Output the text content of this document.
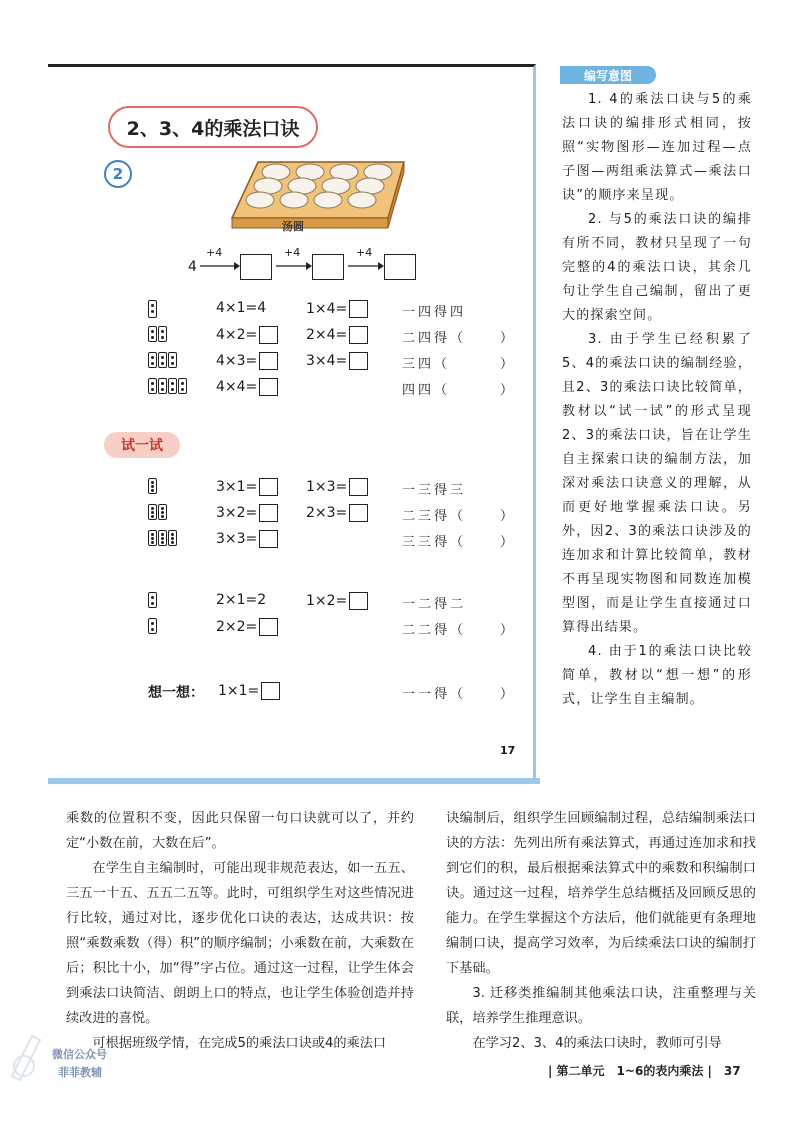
2、3、4的乘法口诀
2
汤圆
4
+4	+4	+4
4×1=4	1×4=	一四得四
4×2=	2×4=	二四得（	）
4×3=	3×4=	三四（	）
4×4=	四四（	）
试一试
3×1=	1×3=	一三得三
3×2=	2×3=	二三得（	）
3×3=	三三得（	）
2×1=2	1×2=	一二得二
2×2=	二二得（	）
想一想： 1×1=	一一得（	）
17
编写意图

1. 4的乘法口诀与5的乘法口诀的编排形式相同，按照“实物图形—连加过程—点子图—两组乘法算式—乘法口诀”的顺序来呈现。

2. 与5的乘法口诀的编排有所不同，教材只呈现了一句完整的4的乘法口诀，其余几句让学生自己编制，留出了更大的探索空间。

3. 由于学生已经积累了5、4的乘法口诀的编制经验，且2、3的乘法口诀比较简单，教材以“试一试”的形式呈现2、3的乘法口诀，旨在让学生自主探索口诀的编制方法，加深对乘法口诀意义的理解，从而更好地掌握乘法口诀。另外，因2、3的乘法口诀涉及的连加求和计算比较简单，教材不再呈现实物图和同数连加模型图，而是让学生直接通过口算得出结果。

4. 由于1的乘法口诀比较简单，教材以“想一想”的形式，让学生自主编制。

乘数的位置积不变，因此只保留一句口诀就可以了，并约定“小数在前，大数在后”。

在学生自主编制时，可能出现非规范表达，如一五五、三五一十五、五五二五等。此时，可组织学生对这些情况进行比较，通过对比，逐步优化口诀的表达，达成共识：按照“乘数乘数（得）积”的顺序编制；小乘数在前，大乘数在后；积比十小，加“得”字占位。通过这一过程，让学生体会到乘法口诀简洁、朗朗上口的特点，也让学生体验创造并持续改进的喜悦。

可根据班级学情，在完成5的乘法口诀或4的乘法口

诀编制后，组织学生回顾编制过程，总结编制乘法口诀的方法：先列出所有乘法算式，再通过连加求和找到它们的积，最后根据乘法算式中的乘数和积编制口诀。通过这一过程，培养学生总结概括及回顾反思的能力。在学生掌握这个方法后，他们就能更有条理地编制口诀，提高学习效率，为后续乘法口诀的编制打下基础。

3. 迁移类推编制其他乘法口诀，注重整理与关联，培养学生推理意识。

在学习2、3、4的乘法口诀时，教师可引导

微信公众号
菲菲教辅	| 第二单元　1~6的表内乘法 |　37
